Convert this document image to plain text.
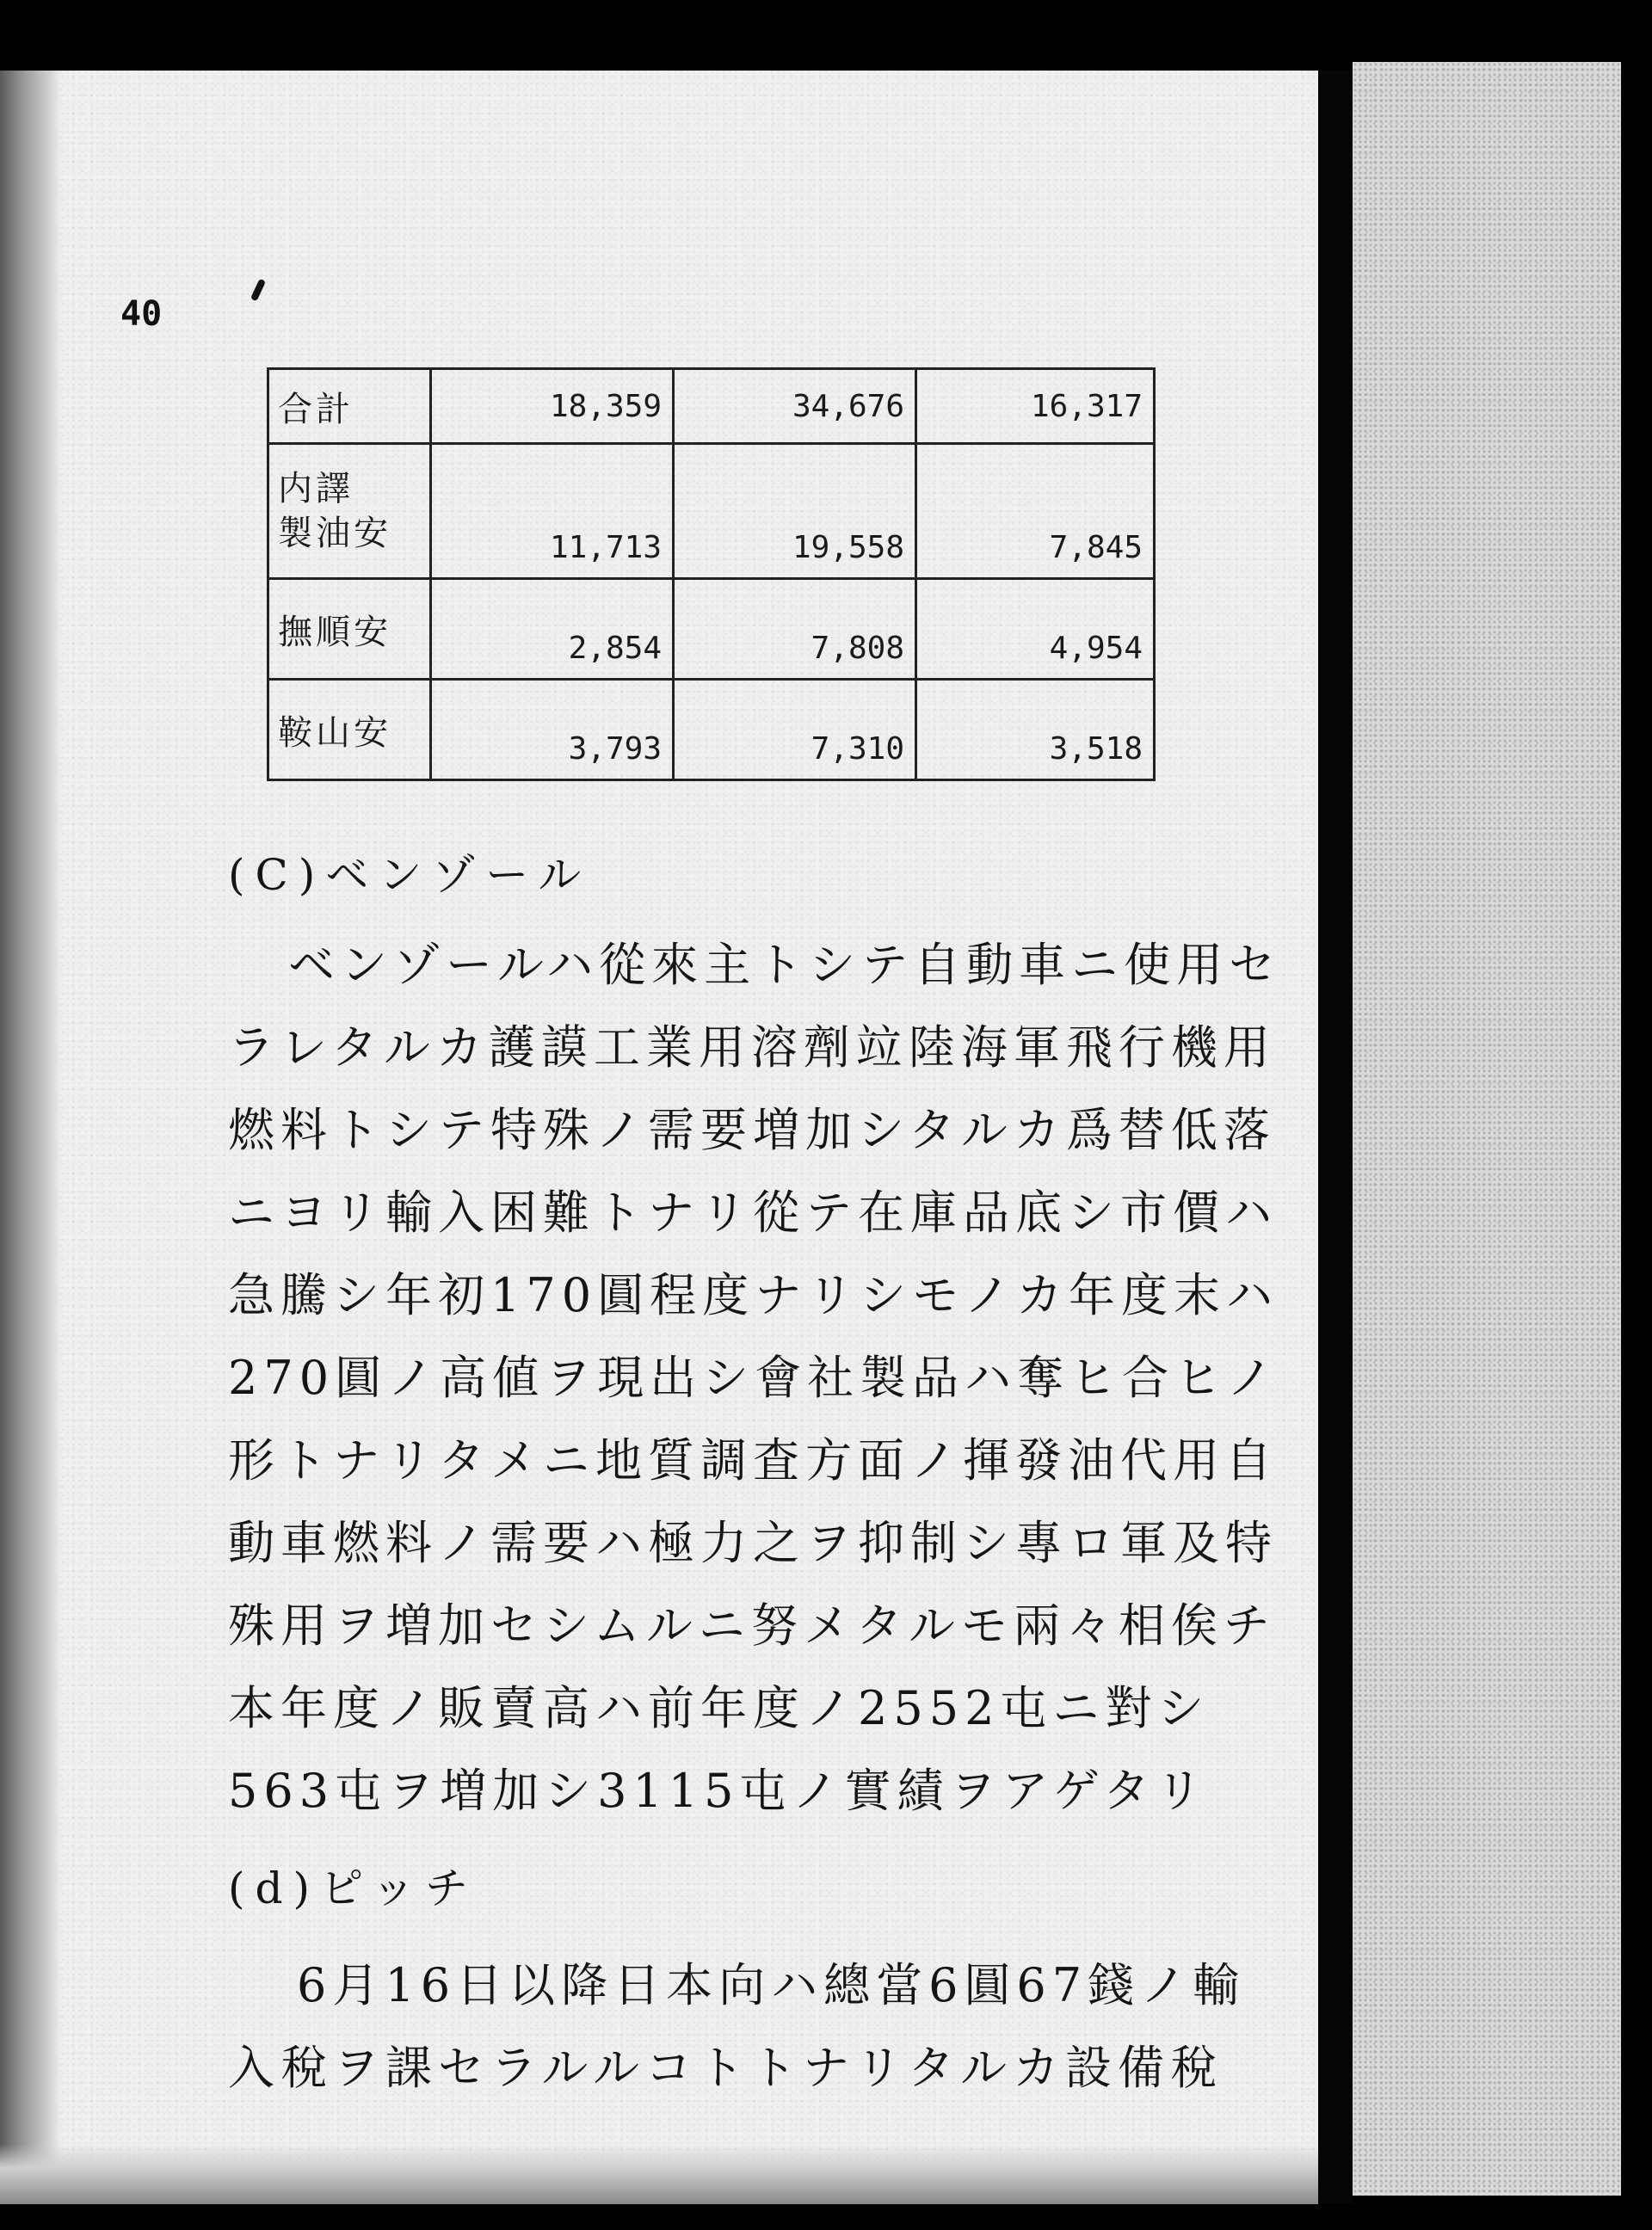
40
合計	18,359	34,676	16,317

内譯
製油安	11,713	19,558	7,845
撫順安	2,854	7,808	4,954
鞍山安	3,793	7,310	3,518
(C)ベンゾール

ベンゾールハ從來主トシテ自動車ニ使用セラレタルカ護謨工業用溶劑竝陸海軍飛行機用燃料トシテ特殊ノ需要増加シタルカ爲替低落ニヨリ輸入困難トナリ從テ在庫品底シ市價ハ急騰シ年初170圓程度ナリシモノカ年度末ハ270圓ノ高値ヲ現出シ會社製品ハ奪ヒ合ヒノ形トナリタメニ地質調査方面ノ揮發油代用自動車燃料ノ需要ハ極力之ヲ抑制シ專ロ軍及特殊用ヲ増加セシムルニ努メタルモ兩々相俟チ本年度ノ販賣高ハ前年度ノ2552屯ニ對シ563屯ヲ増加シ3115屯ノ實績ヲアゲタリ

(d)ピッチ

6月16日以降日本向ハ總當6圓67錢ノ輸入稅ヲ課セラルルコトトナリタルカ設備稅
